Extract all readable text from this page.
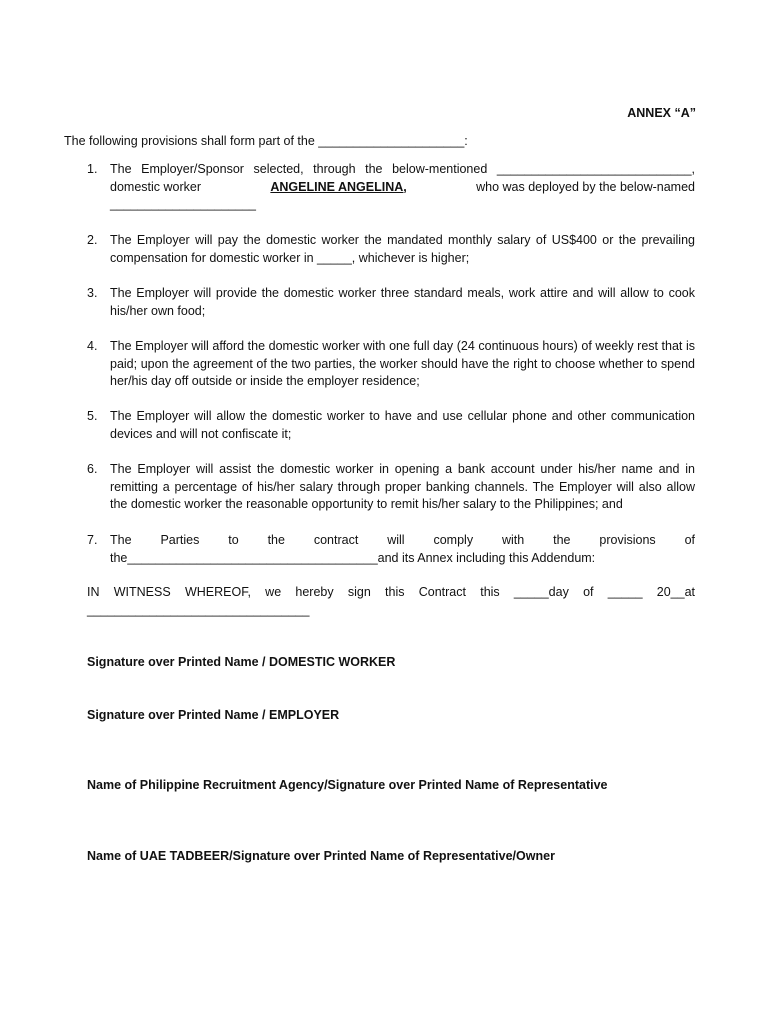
ANNEX “A”
The following provisions shall form part of the _____________________:
1.	The Employer/Sponsor selected, through the below-mentioned ____________________________,
domestic worker	ANGELINE ANGELINA,	who was deployed by the below-named
_____________________
2.	The Employer will pay the domestic worker the mandated monthly salary of US$400 or the prevailing compensation for domestic worker in _____, whichever is higher;
3.	The Employer will provide the domestic worker three standard meals, work attire and will allow to cook his/her own food;
4.	The Employer will afford the domestic worker with one full day (24 continuous hours) of weekly rest that is paid; upon the agreement of the two parties, the worker should have the right to choose whether to spend her/his day off outside or inside the employer residence;
5.	The Employer will allow the domestic worker to have and use cellular phone and other communication devices and will not confiscate it;
6.	The Employer will assist the domestic worker in opening a bank account under his/her name and in remitting a percentage of his/her salary through proper banking channels. The Employer will also allow the domestic worker the reasonable opportunity to remit his/her salary to the Philippines; and
7.	The Parties to the contract will comply with the provisions of
the____________________________________and its Annex including this Addendum:
IN WITNESS WHEREOF, we hereby sign this Contract this _____day of _____ 20__at
________________________________
Signature over Printed Name / DOMESTIC WORKER
Signature over Printed Name / EMPLOYER
Name of Philippine Recruitment Agency/Signature over Printed Name of Representative
Name of UAE TADBEER/Signature over Printed Name of Representative/Owner
